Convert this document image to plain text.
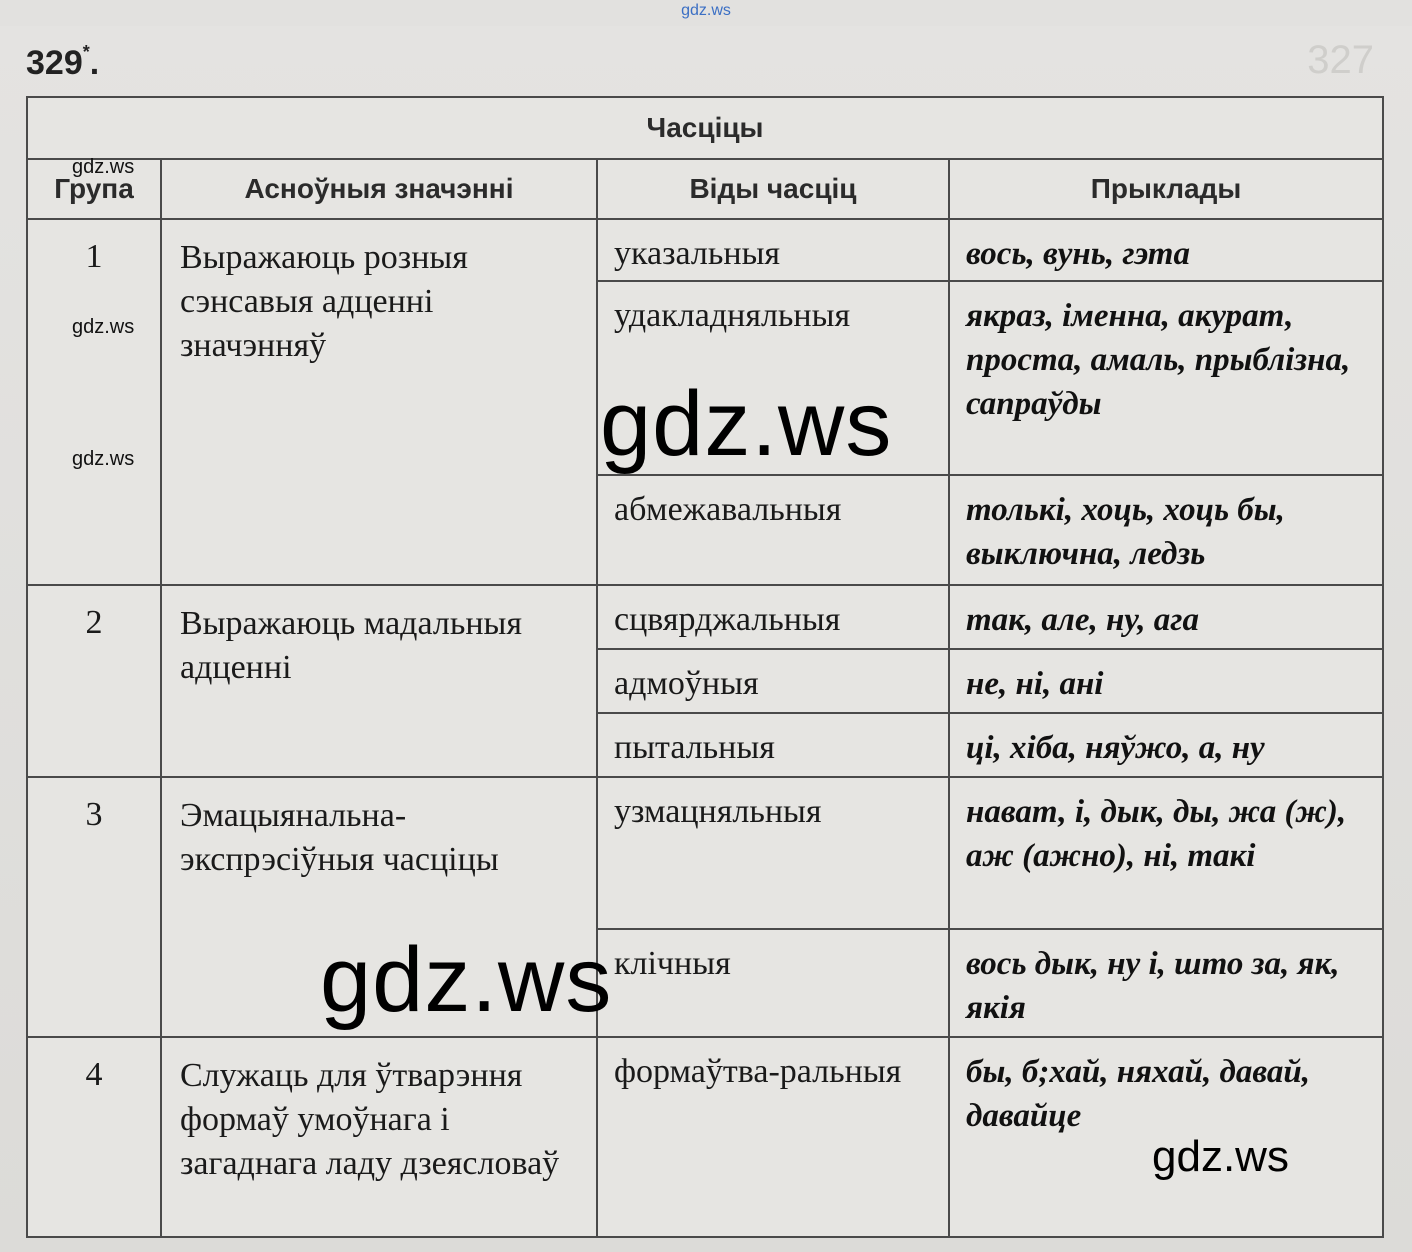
gdz.ws
329*.	327
Часціцы			
Група	Асноўныя значэнні	Віды часціц	Прыклады
1	Выражаюць розныя сэнсавыя адценні значэнняў	указальныя	вось, вунь, гэта
		удакладняльныя	якраз, іменна, акурат, проста, амаль, прыблізна, сапраўды
		абмежавальныя	толькі, хоць, хоць бы, выключна, ледзь
2	Выражаюць мадальныя адценні	сцвярджальныя	так, але, ну, ага
		адмоўныя	не, ні, ані
		пытальныя	ці, хіба, няўжо, а, ну
3	Эмацыянальна-экспрэсіўныя часціцы	узмацняльныя	нават, і, дык, ды, жа (ж), аж (ажно), ні, такі
		клічныя	вось дык, ну і, што за, як, якія
4	Служаць для ўтварэння формаў умоўнага і загаднага ладу дзеясловаў	формаўтва-ральныя	бы, б;хай, няхай, давай, давайце
gdz.ws
gdz.ws
gdz.ws	gdz.ws
gdz.ws
gdz.ws
